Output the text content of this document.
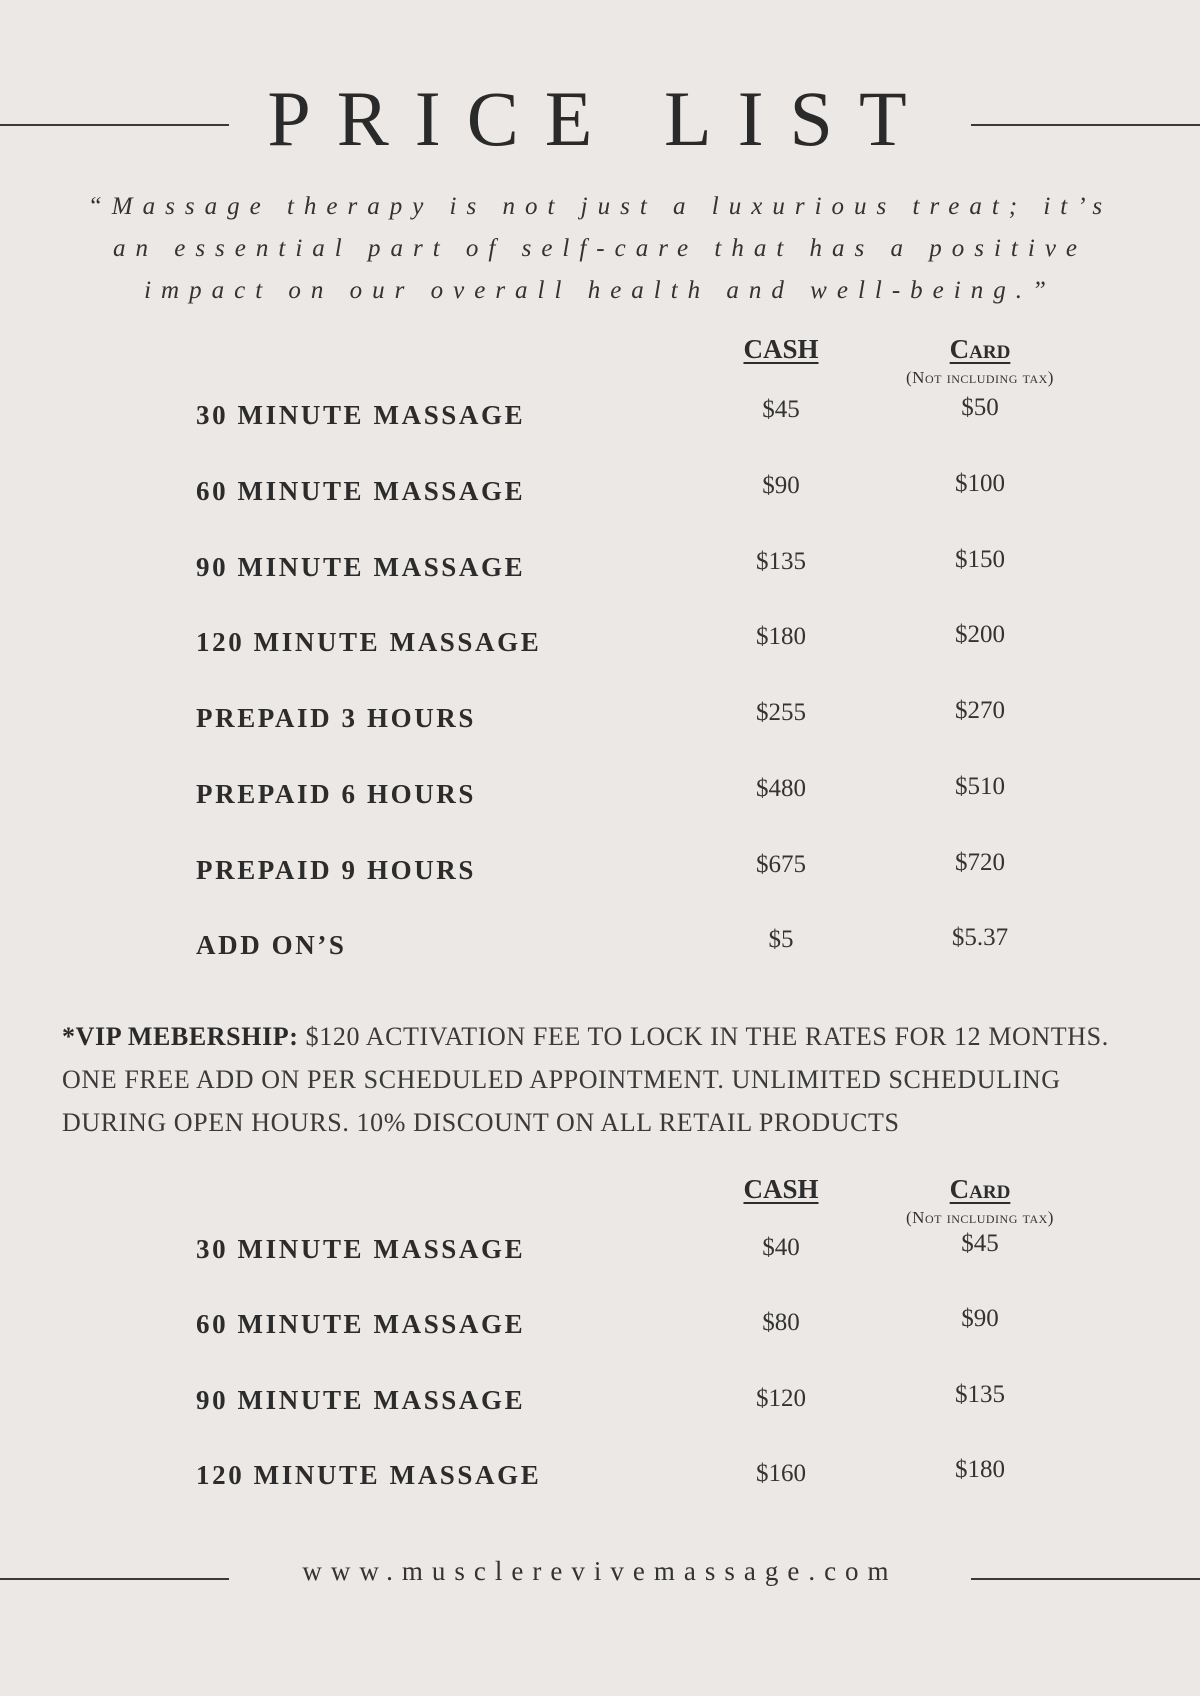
PRICE LIST

“Massage therapy is not just a luxurious treat; it’s an essential part of self-care that has a positive impact on our overall health and well-being.”

CASH	Card
(Not including tax)
30 MINUTE MASSAGE	$45	$50
60 MINUTE MASSAGE	$90	$100
90 MINUTE MASSAGE	$135	$150
120 MINUTE MASSAGE	$180	$200
PREPAID 3 HOURS	$255	$270
PREPAID 6 HOURS	$480	$510
PREPAID 9 HOURS	$675	$720
ADD ON’S	$5	$5.37

*VIP MEBERSHIP: $120 ACTIVATION FEE TO LOCK IN THE RATES FOR 12 MONTHS. ONE FREE ADD ON PER SCHEDULED APPOINTMENT. UNLIMITED SCHEDULING DURING OPEN HOURS. 10% DISCOUNT ON ALL RETAIL PRODUCTS

CASH	Card
(Not including tax)
30 MINUTE MASSAGE	$40	$45
60 MINUTE MASSAGE	$80	$90
90 MINUTE MASSAGE	$120	$135
120 MINUTE MASSAGE	$160	$180
www.musclerevivemassage.com
